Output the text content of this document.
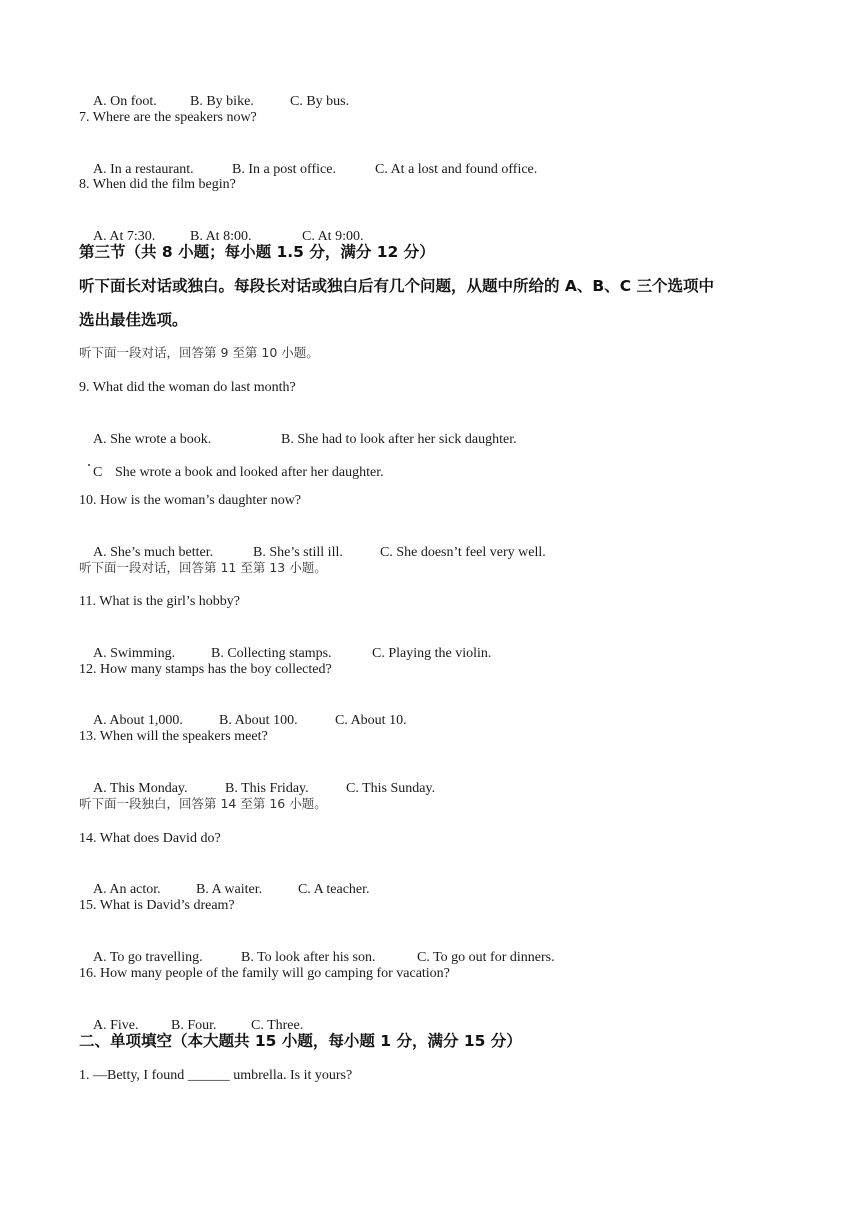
A. On foot. B. By bike.	C. By bus.

7. Where are the speakers now?

A. In a restaurant.	B. In a post office.	C. At a lost and found office.

8. When did the film begin?

A. At 7:30. B. At 8:00.	C. At 9:00.

第三节（共 8 小题；每小题 1.5 分，满分 12 分）
听下面长对话或独白。每段长对话或独白后有几个问题，从题中所给的 A、B、C 三个选项中
选出最佳选项。
听下面一段对话，回答第 9 至第 10 小题。
9. What did the woman do last month?

A. She wrote a book.	B. She had to look after her sick daughter.

C She wrote a book and looked after her daughter.

10. How is the woman’s daughter now?

A. She’s much better.	B. She’s still ill.	C. She doesn’t feel very well.

听下面一段对话，回答第 11 至第 13 小题。
11. What is the girl’s hobby?

A. Swimming.	B. Collecting stamps.	C. Playing the violin.

12. How many stamps has the boy collected?

A. About 1,000.	B. About 100.	C. About 10.

13. When will the speakers meet?

A. This Monday.	B. This Friday.	C. This Sunday.

听下面一段独白，回答第 14 至第 16 小题。
14. What does David do?

A. An actor.	B. A waiter.	C. A teacher.

15. What is David’s dream?

A. To go travelling.	B. To look after his son.	C. To go out for dinners.

16. How many people of the family will go camping for vacation?

A. Five. B. Four. C. Three.

二、单项填空（本大题共 15 小题，每小题 1 分，满分 15 分）
1. —Betty, I found ______ umbrella. Is it yours?
